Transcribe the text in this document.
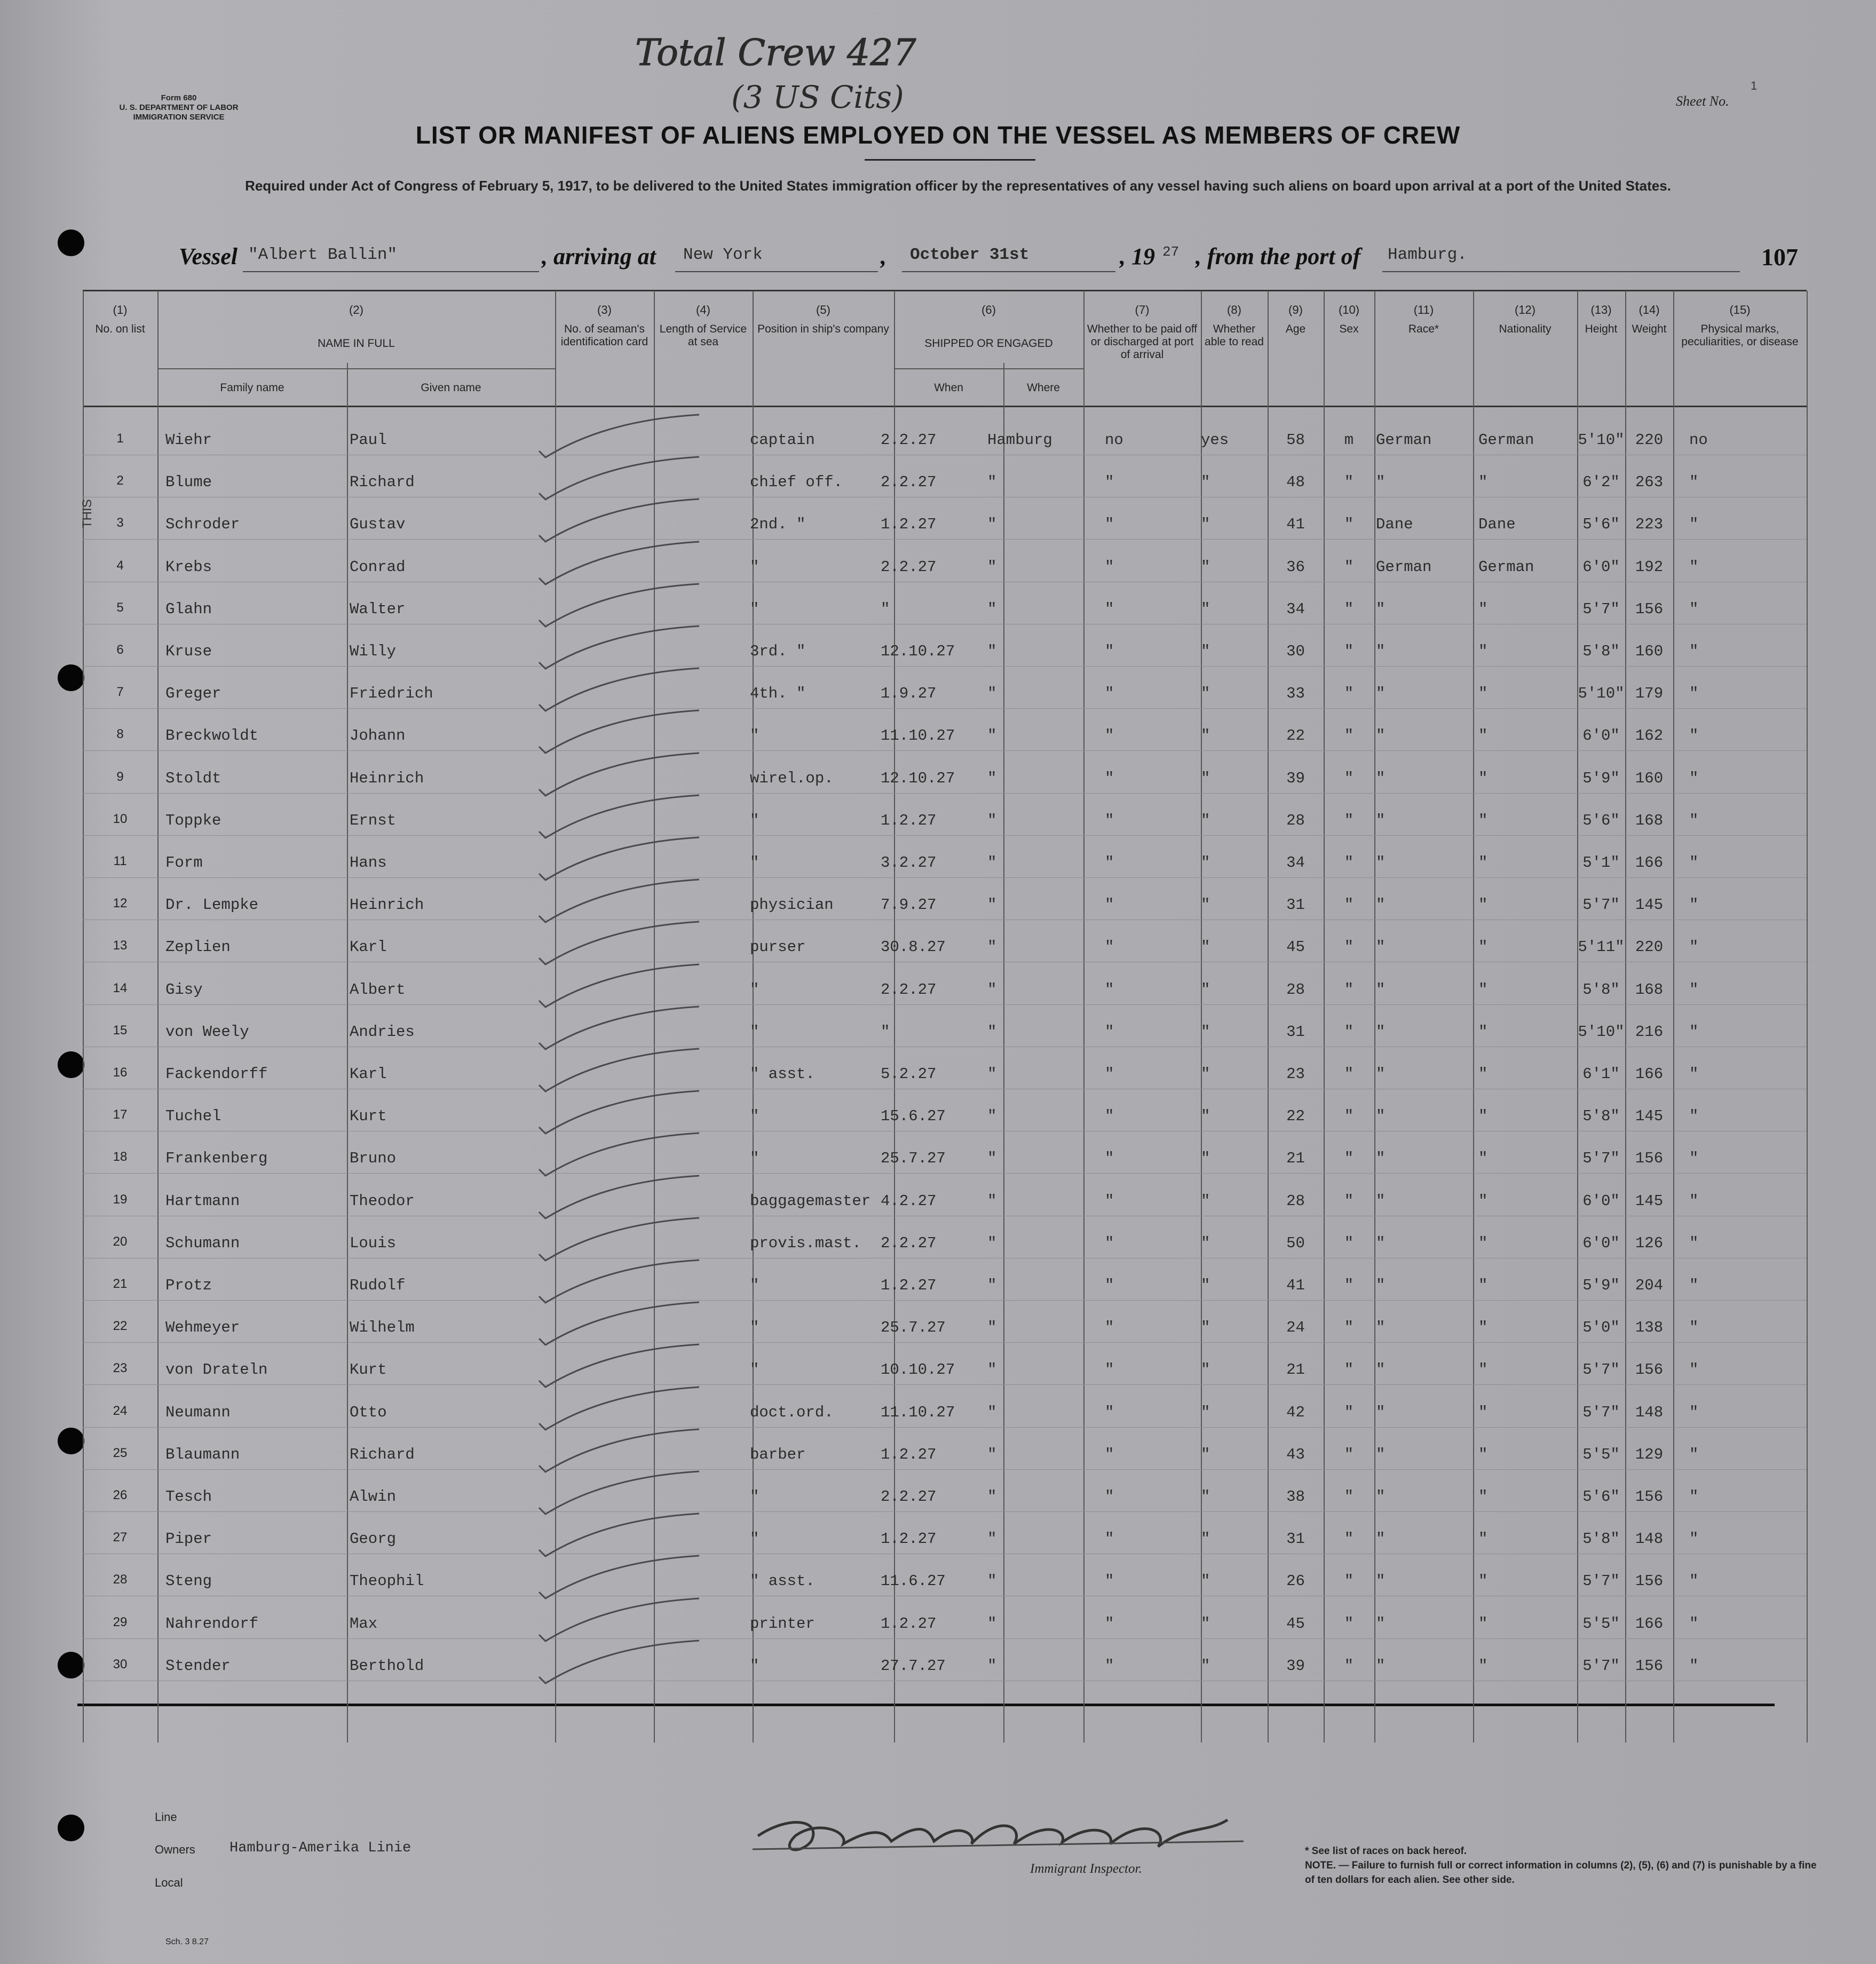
Total Crew 427
(3 US Cits)
Form 680
U. S. DEPARTMENT OF LABOR
IMMIGRATION SERVICE
Sheet No.
1
LIST OR MANIFEST OF ALIENS EMPLOYED ON THE VESSEL AS MEMBERS OF CREW
Required under Act of Congress of February 5, 1917, to be delivered to the United States immigration officer by the representatives of any vessel having such aliens on board upon arrival at a port of the United States.
Vessel "Albert Ballin"	, arriving at New York	, October 31st	, 19 27 , from the port of Hamburg.	107
(1)	(2)	(3)	(4)	(5)	(6)	(7)	(8)	(9)	(10)	(11)	(12)	(13)	(14)	(15)
No. on list
NAME IN FULL
Family name	Given name
No. of seaman's identification card
Length of Service at sea
Position in ship's company
SHIPPED OR ENGAGED
When	Where
Whether to be paid off or discharged at port of arrival
Whether able to read
Age	Sex	Race*	Nationality	Height	Weight	Physical marks, peculiarities, or disease
1	Wiehr	Paul	captain	2.2.27	Hamburg	no	yes	58	m	German	German	5'10" 220	no
2	Blume	Richard	chief off. 2.2.27	"	"	"	48	"	"	"	6'2"	263	"
3	Schroder	Gustav	2nd. "	1.2.27	"	"	"	41	"	Dane	Dane	5'6"	223	"
4	Krebs	Conrad	"	2.2.27	"	"	"	36	"	German	German	6'0"	192	"
5	Glahn	Walter	"	"	"	"	"	34	"	"	"	5'7"	156	"
6	Kruse	Willy	3rd. "	12.10.27 "	"	"	30	"	"	"	5'8"	160	"
7	Greger	Friedrich	4th. "	1.9.27	"	"	"	33	"	"	"	5'10" 179	"
8	Breckwoldt	Johann	"	11.10.27 "	"	"	22	"	"	"	6'0"	162	"
9	Stoldt	Heinrich	wirel.op.	12.10.27 "	"	"	39	"	"	"	5'9"	160	"
10	Toppke	Ernst	"	1.2.27	"	"	"	28	"	"	"	5'6"	168	"
11	Form	Hans	"	3.2.27	"	"	"	34	"	"	"	5'1"	166	"
12	Dr. Lempke	Heinrich	physician	7.9.27	"	"	"	31	"	"	"	5'7"	145	"
13	Zeplien	Karl	purser	30.8.27	"	"	"	45	"	"	"	5'11" 220	"
14	Gisy	Albert	"	2.2.27	"	"	"	28	"	"	"	5'8"	168	"
15	von Weely	Andries	"	"	"	"	"	31	"	"	"	5'10" 216	"
16	Fackendorff	Karl	" asst.	5.2.27	"	"	"	23	"	"	"	6'1"	166	"
17	Tuchel	Kurt	"	15.6.27	"	"	"	22	"	"	"	5'8"	145	"
18	Frankenberg	Bruno	"	25.7.27	"	"	"	21	"	"	"	5'7"	156	"
19	Hartmann	Theodor	baggagemaster 4.2.27	"	"	"	28	"	"	"	6'0"	145	"
20	Schumann	Louis	provis.mast. 2.2.27	"	"	"	50	"	"	"	6'0"	126	"
21	Protz	Rudolf	"	1.2.27	"	"	"	41	"	"	"	5'9"	204	"
22	Wehmeyer	Wilhelm	"	25.7.27	"	"	"	24	"	"	"	5'0"	138	"
23	von Drateln	Kurt	"	10.10.27 "	"	"	21	"	"	"	5'7"	156	"
24	Neumann	Otto	doct.ord.	11.10.27 "	"	"	42	"	"	"	5'7"	148	"
25	Blaumann	Richard	barber	1.2.27	"	"	"	43	"	"	"	5'5"	129	"
26	Tesch	Alwin	"	2.2.27	"	"	"	38	"	"	"	5'6"	156	"
27	Piper	Georg	"	1.2.27	"	"	"	31	"	"	"	5'8"	148	"
28	Steng	Theophil	" asst.	11.6.27	"	"	"	26	"	"	"	5'7"	156	"
29	Nahrendorf	Max	printer	1.2.27	"	"	"	45	"	"	"	5'5"	166	"
30	Stender	Berthold	"	27.7.27	"	"	"	39	"	"	"	5'7"	156	"
THIS
Line
Owners Hamburg-Amerika Linie
Local
Immigrant Inspector.
* See list of races on back hereof.
NOTE. — Failure to furnish full or correct information in columns (2), (5), (6) and (7) is punishable by a fine of ten dollars for each alien. See other side.
Sch. 3 8.27
